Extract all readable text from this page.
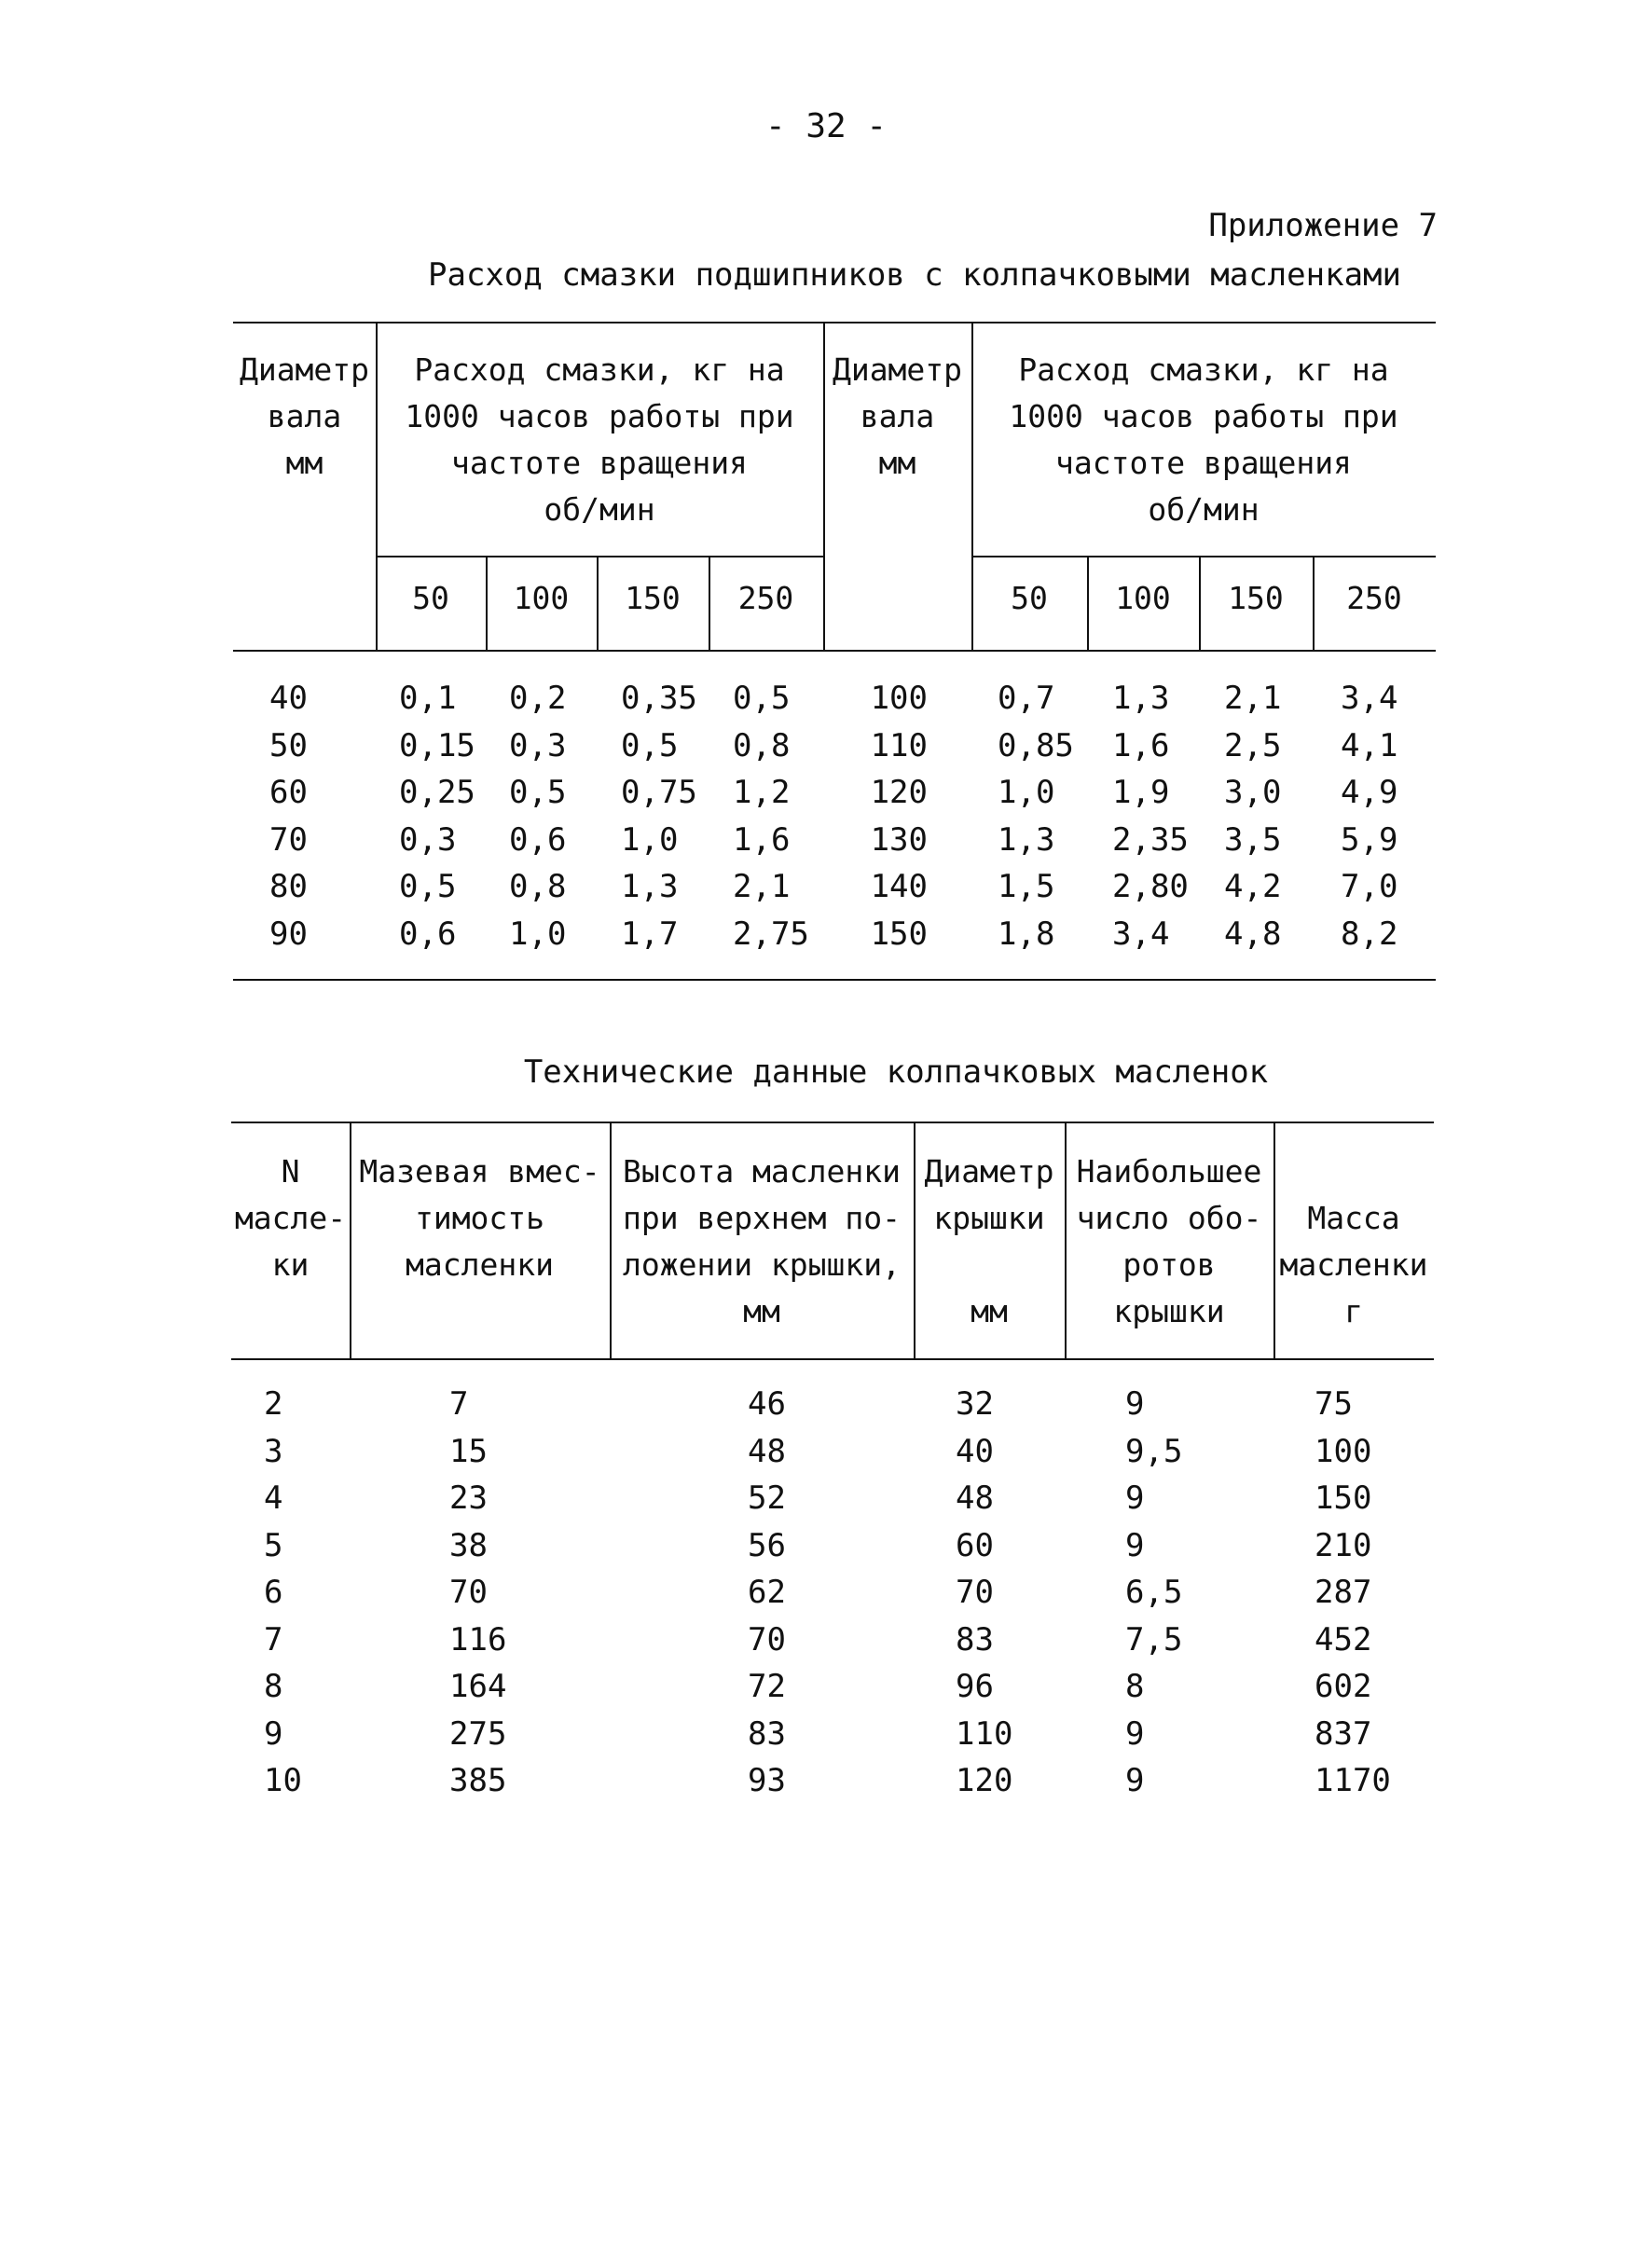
- 32 -
Приложение 7
Расход смазки подшипников с колпачковыми масленками
Диаметр
вала
мм
Расход смазки, кг на
1000 часов работы при
частоте вращения
об/мин
Диаметр
вала
мм
Расход смазки, кг на
1000 часов работы при
частоте вращения
об/мин
50	100	150	250	50	100	150	250
40	0,1 0,2 0,35 0,5	100 0,7 1,3 2,1 3,4
50	0,15 0,3 0,5 0,8	110 0,85 1,6 2,5 4,1
60	0,25 0,5 0,75 1,2	120 1,0 1,9 3,0 4,9
70	0,3 0,6 1,0 1,6	130 1,3 2,35 3,5 5,9
80	0,5 0,8 1,3 2,1	140 1,5 2,80 4,2 7,0
90	0,6 1,0 1,7 2,75 150 1,8 3,4 4,8 8,2
Технические данные колпачковых масленок
N
масле-
ки
Мазевая вмес-
тимость
масленки
Высота масленки
при верхнем по-
ложении крышки,
мм
Диаметр
крышки
мм
Наибольшее
число обо-
ротов
крышки
Масса
масленки
г
2	7	46	32	9	75
3	15	48	40	9,5	100
4	23	52	48	9	150
5	38	56	60	9	210
6	70	62	70	6,5	287
7	116	70	83	7,5	452
8	164	72	96	8	602
9	275	83	110	9	837
10	385	93	120	9	1170
